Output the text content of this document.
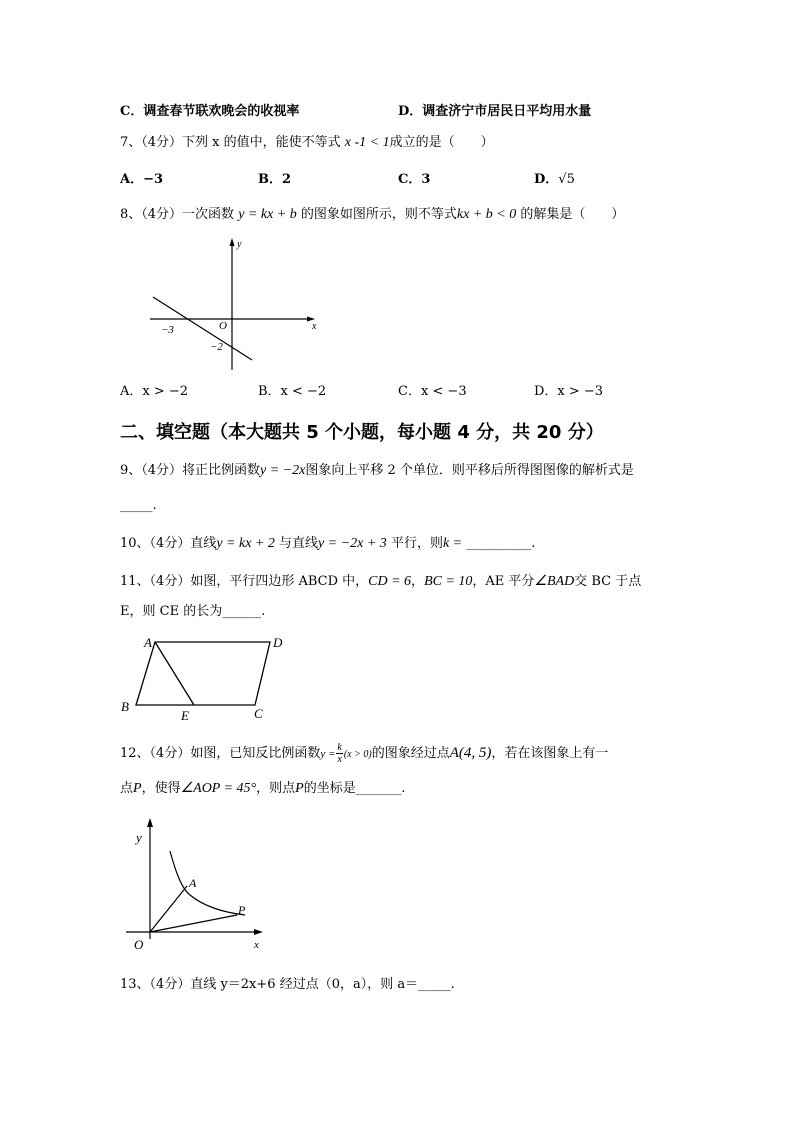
C．调查春节联欢晚会的收视率	D．调查济宁市居民日平均用水量
7、（4分）下列 x 的值中，能使不等式 x -1 < 1成立的是（　　）
A．−3	B．2	C．3	D．√5
8、（4分）一次函数 y = kx + b 的图象如图所示，则不等式kx + b < 0 的解集是（　　）
y
x
O
−3
−2
A．x > −2	B．x < −2	C．x < −3	D．x > −3
二、填空题（本大题共 5 个小题，每小题 4 分，共 20 分）
9、（4分）将正比例函数y = −2x图象向上平移 2 个单位．则平移后所得图图像的解析式是
_____.
10、（4分）直线y = kx + 2 与直线y = −2x + 3 平行，则k = __________.
11、（4分）如图，平行四边形 ABCD 中，CD = 6，BC = 10，AE 平分∠BAD交 BC 于点
E，则 CE 的长为______.
A	D
B	C
E
12、（4分）如图，已知反比例函数$y = \frac{k}{x} (x > 0)$的图象经过点A(4, 5)，若在该图象上有一
点P，使得∠AOP = 45°，则点P的坐标是_______.
y
x
O
A
P
13、（4分）直线 y＝2x+6 经过点（0，a），则 a＝_____.
